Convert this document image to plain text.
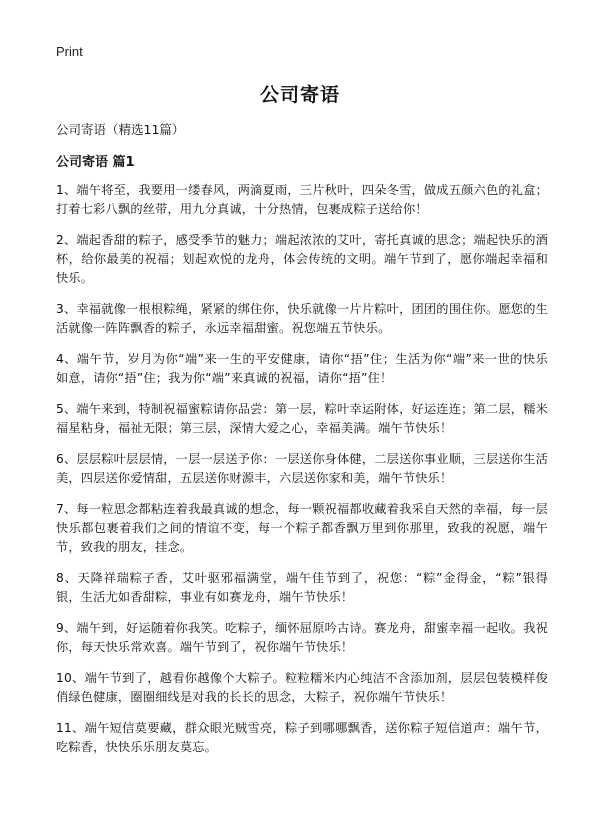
Print
公司寄语

公司寄语（精选11篇）

公司寄语 篇1

1、端午将至，我要用一缕春风，两滴夏雨，三片秋叶，四朵冬雪，做成五颜六色的礼盒；打着七彩八飘的丝带，用九分真诚，十分热情，包裹成粽子送给你！

2、端起香甜的粽子，感受季节的魅力；端起浓浓的艾叶，寄托真诚的思念；端起快乐的酒杯，给你最美的祝福；划起欢悦的龙舟，体会传统的文明。端午节到了，愿你端起幸福和快乐。

3、幸福就像一根根粽绳，紧紧的绑住你，快乐就像一片片粽叶，团团的围住你。愿您的生活就像一阵阵飘香的粽子，永远幸福甜蜜。祝您端五节快乐。

4、端午节，岁月为你“端”来一生的平安健康，请你“捂”住；生活为你“端”来一世的快乐如意，请你“捂”住；我为你“端”来真诚的祝福，请你“捂”住！

5、端午来到，特制祝福蜜粽请你品尝：第一层，粽叶幸运附体，好运连连；第二层，糯米福星粘身，福祉无限；第三层，深情大爱之心，幸福美满。端午节快乐！

6、层层粽叶层层情，一层一层送予你：一层送你身体健，二层送你事业顺，三层送你生活美，四层送你爱情甜，五层送你财源丰，六层送你家和美，端午节快乐！

7、每一粒思念都粘连着我最真诚的想念，每一颗祝福都收藏着我采自天然的幸福，每一层快乐都包裹着我们之间的情谊不变，每一个粽子都香飘万里到你那里，致我的祝愿，端午节，致我的朋友，挂念。

8、天降祥瑞粽子香，艾叶驱邪福满堂，端午佳节到了，祝您：“粽”金得金，“粽”银得银，生活尤如香甜粽，事业有如赛龙舟，端午节快乐！

9、端午到，好运随着你我笑。吃粽子，缅怀屈原吟古诗。赛龙舟，甜蜜幸福一起收。我祝你，每天快乐常欢喜。端午节到了，祝你端午节快乐！

10、端午节到了，越看你越像个大粽子。粒粒糯米内心纯洁不含添加剂，层层包装模样俊俏绿色健康，圈圈细线是对我的长长的思念，大粽子，祝你端午节快乐！

11、端午短信莫要藏，群众眼光贼雪亮，粽子到哪哪飘香，送你粽子短信道声：端午节，吃粽香，快快乐乐朋友莫忘。
